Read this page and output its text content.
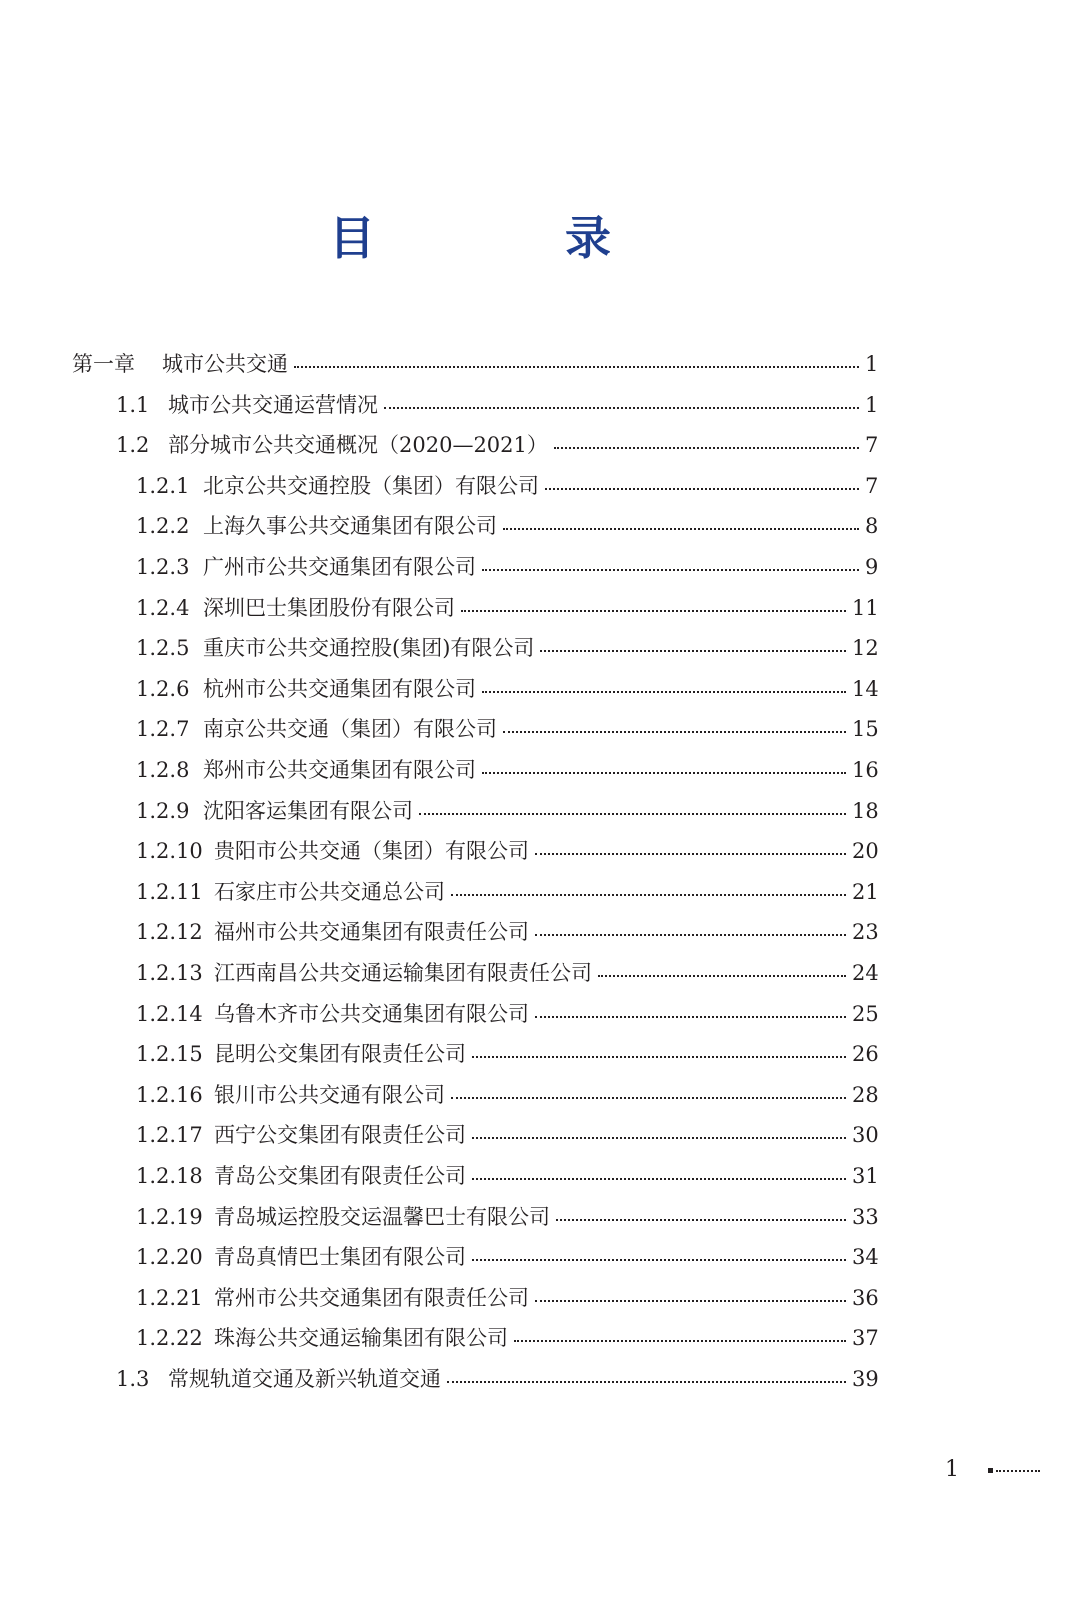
目　录
第一章	城市公共交通	1
1.1 城市公共交通运营情况	1
1.2 部分城市公共交通概况（2020—2021）	7
1.2.1 北京公共交通控股（集团）有限公司	7
1.2.2 上海久事公共交通集团有限公司	8
1.2.3 广州市公共交通集团有限公司	9
1.2.4 深圳巴士集团股份有限公司	11
1.2.5 重庆市公共交通控股(集团)有限公司	12
1.2.6 杭州市公共交通集团有限公司	14
1.2.7 南京公共交通（集团）有限公司	15
1.2.8 郑州市公共交通集团有限公司	16
1.2.9 沈阳客运集团有限公司	18
1.2.10 贵阳市公共交通（集团）有限公司	20
1.2.11 石家庄市公共交通总公司	21
1.2.12 福州市公共交通集团有限责任公司	23
1.2.13 江西南昌公共交通运输集团有限责任公司	24
1.2.14 乌鲁木齐市公共交通集团有限公司	25
1.2.15 昆明公交集团有限责任公司	26
1.2.16 银川市公共交通有限公司	28
1.2.17 西宁公交集团有限责任公司	30
1.2.18 青岛公交集团有限责任公司	31
1.2.19 青岛城运控股交运温馨巴士有限公司	33
1.2.20 青岛真情巴士集团有限公司	34
1.2.21 常州市公共交通集团有限责任公司	36
1.2.22 珠海公共交通运输集团有限公司	37
1.3 常规轨道交通及新兴轨道交通	39
1
